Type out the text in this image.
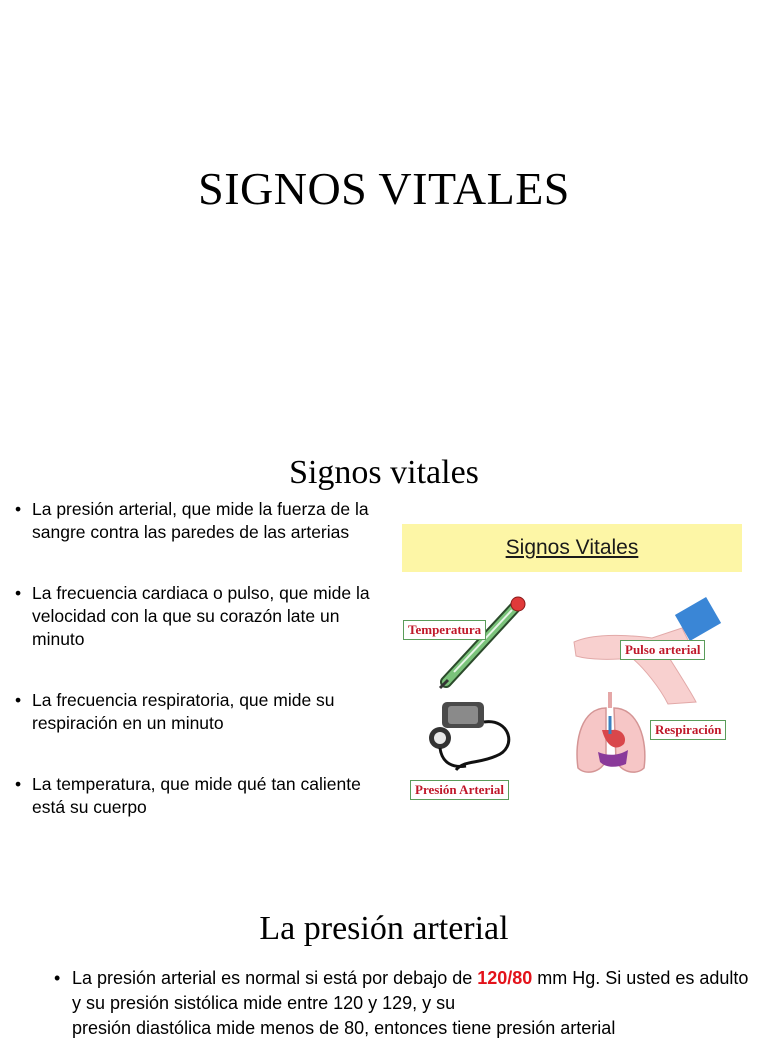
SIGNOS VITALES
Signos vitales
• La presión arterial, que mide la fuerza de la sangre contra las paredes de las arterias
• La frecuencia cardiaca o pulso, que mide la velocidad con la que su corazón late un minuto
• La frecuencia respiratoria, que mide su respiración en un minuto
• La temperatura, que mide qué tan caliente está su cuerpo
Signos Vitales
Temperatura
Pulso arterial
Presión Arterial
Respiración
La presión arterial
• La presión arterial es normal si está por debajo de 120/80 mm Hg. Si usted es adulto y su presión sistólica mide entre 120 y 129, y su
presión diastólica mide menos de 80, entonces tiene presión arterial
